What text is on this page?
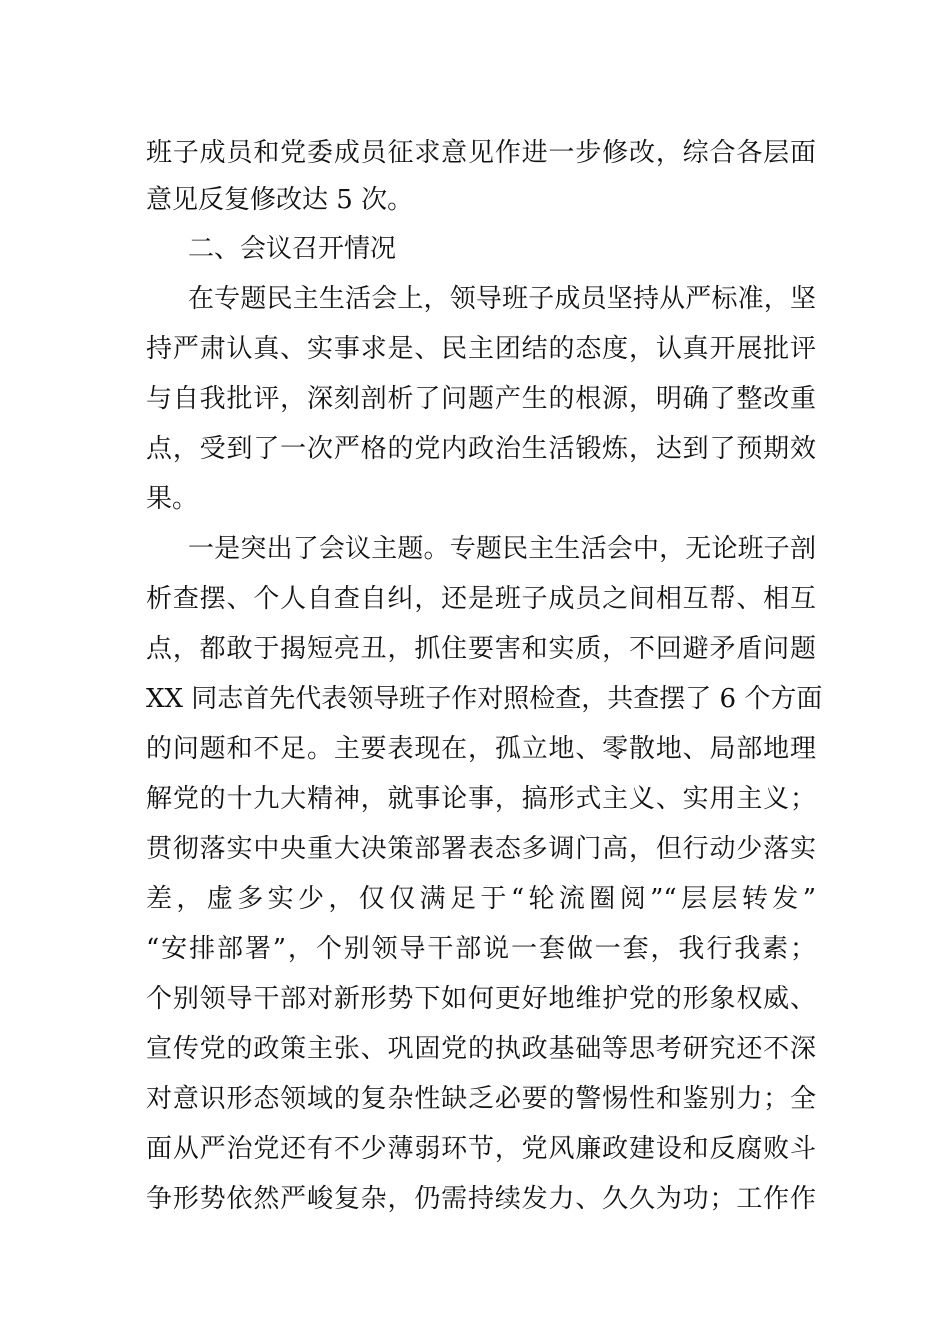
班子成员和党委成员征求意见作进一步修改，综合各层面
意见反复修改达 5 次。
二、会议召开情况
在专题民主生活会上，领导班子成员坚持从严标准，坚
持严肃认真、实事求是、民主团结的态度，认真开展批评
与自我批评，深刻剖析了问题产生的根源，明确了整改重
点，受到了一次严格的党内政治生活锻炼，达到了预期效
果。
一是突出了会议主题。专题民主生活会中，无论班子剖
析查摆、个人自查自纠，还是班子成员之间相互帮、相互
点，都敢于揭短亮丑，抓住要害和实质，不回避矛盾问题
XX 同志首先代表领导班子作对照检查，共查摆了 6 个方面
的问题和不足。主要表现在，孤立地、零散地、局部地理
解党的十九大精神，就事论事，搞形式主义、实用主义；
贯彻落实中央重大决策部署表态多调门高，但行动少落实
差，虚多实少，仅仅满足于“轮流圈阅”“层层转发”
“安排部署”，个别领导干部说一套做一套，我行我素；
个别领导干部对新形势下如何更好地维护党的形象权威、
宣传党的政策主张、巩固党的执政基础等思考研究还不深
对意识形态领域的复杂性缺乏必要的警惕性和鉴别力；全
面从严治党还有不少薄弱环节，党风廉政建设和反腐败斗
争形势依然严峻复杂，仍需持续发力、久久为功；工作作
